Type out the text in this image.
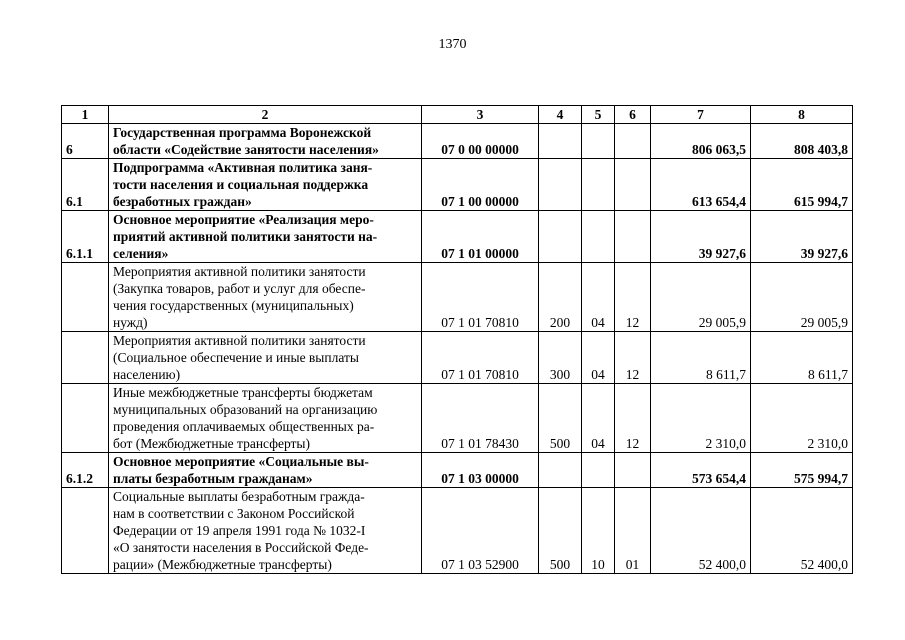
1370
1	2	3	4	5	6	7	8
6	Государственная программа Воронежской
области «Содействие занятости населения»	07 0 00 00000				806 063,5	808 403,8
6.1	Подпрограмма «Активная политика заня-
тости населения и социальная поддержка
безработных граждан»	07 1 00 00000				613 654,4	615 994,7
6.1.1	Основное мероприятие «Реализация меро-
приятий активной политики занятости на-
селения»	07 1 01 00000				39 927,6	39 927,6

	Мероприятия активной политики занятости
(Закупка товаров, работ и услуг для обеспе-
чения государственных (муниципальных)
нужд)	07 1 01 70810	200	04	12	29 005,9	29 005,9

	Мероприятия активной политики занятости
(Социальное обеспечение и иные выплаты
населению)	07 1 01 70810	300	04	12	8 611,7	8 611,7

	Иные межбюджетные трансферты бюджетам
муниципальных образований на организацию
проведения оплачиваемых общественных ра-
бот (Межбюджетные трансферты)	07 1 01 78430	500	04	12	2 310,0	2 310,0
6.1.2	Основное мероприятие «Социальные вы-
платы безработным гражданам»	07 1 03 00000				573 654,4	575 994,7

	Социальные выплаты безработным гражда-
нам в соответствии с Законом Российской
Федерации от 19 апреля 1991 года № 1032-I
«О занятости населения в Российской Феде-
рации» (Межбюджетные трансферты)	07 1 03 52900	500	10	01	52 400,0	52 400,0
